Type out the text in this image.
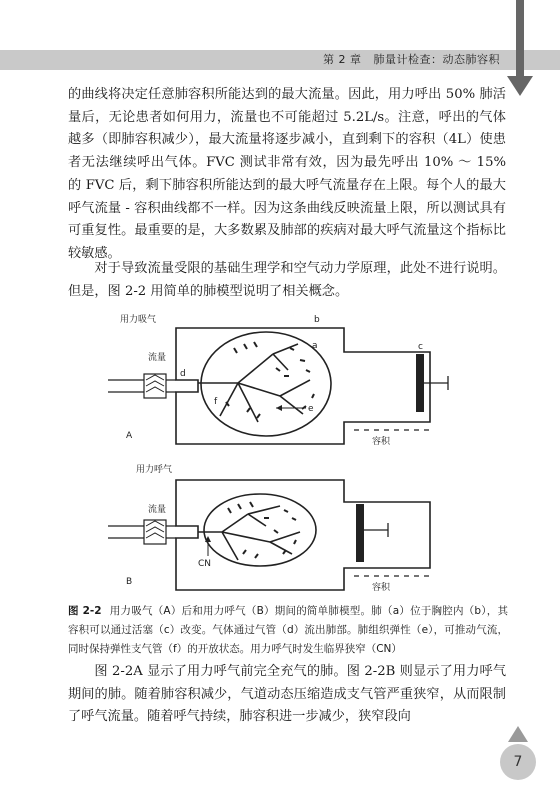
第 2 章 肺量计检查：动态肺容积

的曲线将决定任意肺容积所能达到的最大流量。因此，用力呼出 50% 肺活量后，无论患者如何用力，流量也不可能超过 5.2L/s。注意，呼出的气体越多（即肺容积减少），最大流量将逐步减小，直到剩下的容积（4L）使患者无法继续呼出气体。FVC 测试非常有效，因为最先呼出 10% ～ 15% 的 FVC 后，剩下肺容积所能达到的最大呼气流量存在上限。每个人的最大呼气流量 - 容积曲线都不一样。因为这条曲线反映流量上限，所以测试具有可重复性。最重要的是，大多数累及肺部的疾病对最大呼气流量这个指标比较敏感。

对于导致流量受限的基础生理学和空气动力学原理，此处不进行说明。但是，图 2-2 用简单的肺模型说明了相关概念。

用力吸气	b
流量
d
a
f
e
c
容积
A
用力呼气
流量
CN
容积
B

图 2-2 用力吸气（A）后和用力呼气（B）期间的简单肺模型。肺（a）位于胸腔内（b），其容积可以通过活塞（c）改变。气体通过气管（d）流出肺部。肺组织弹性（e），可推动气流，同时保持弹性支气管（f）的开放状态。用力呼气时发生临界狭窄（CN）

图 2-2A 显示了用力呼气前完全充气的肺。图 2-2B 则显示了用力呼气期间的肺。随着肺容积减少，气道动态压缩造成支气管严重狭窄，从而限制了呼气流量。随着呼气持续，肺容积进一步减少，狭窄段向

7
